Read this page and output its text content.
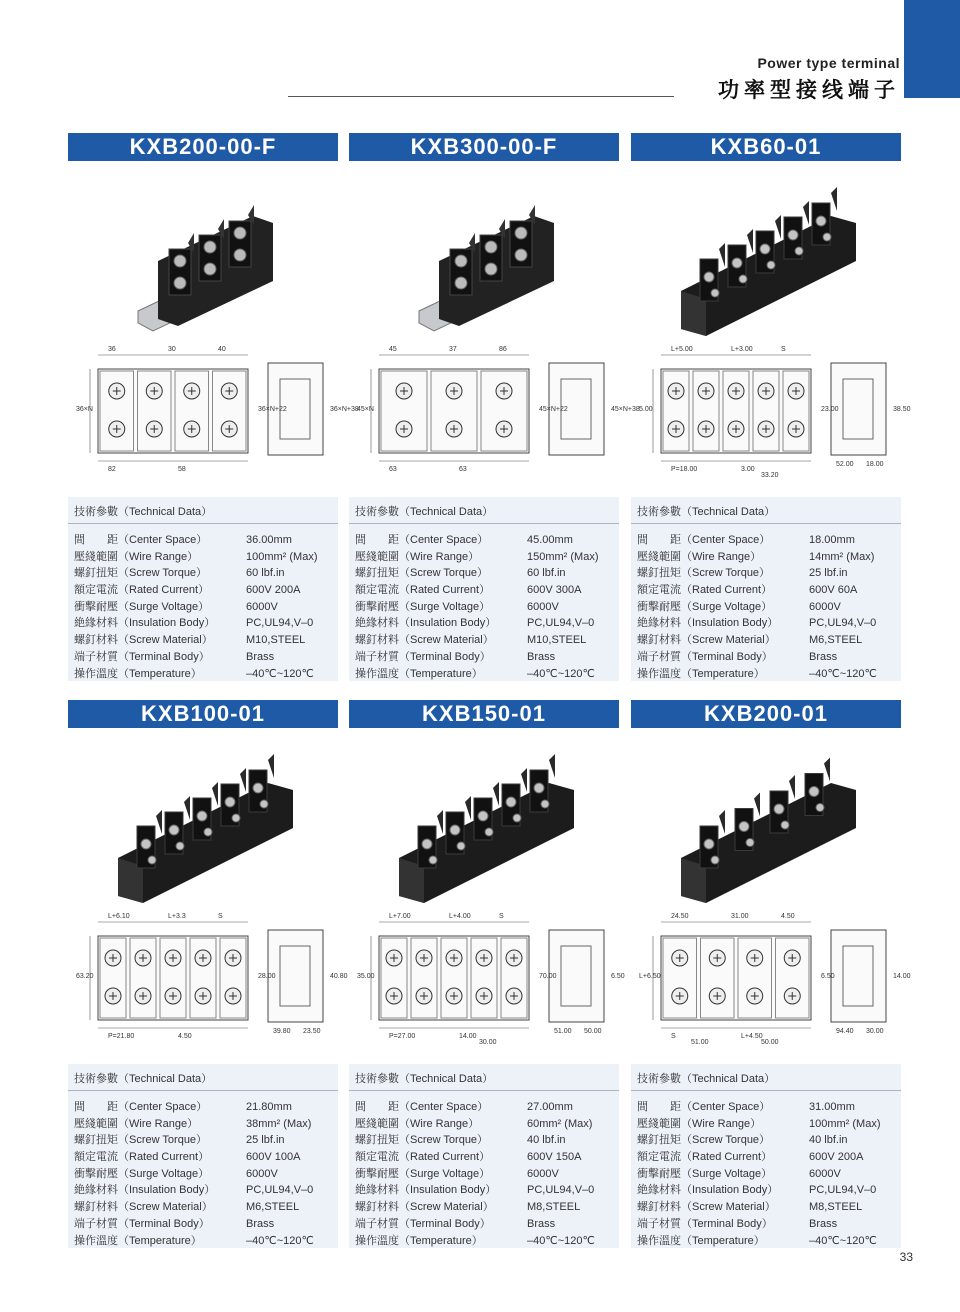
Power type terminal
功率型接线端子
KXB200-00-F
36	30	40
82	58
36×N	36×N+22	36×N+38
技術參數（Technical Data）
間　　距（Center Space）	36.00mm
壓綫範圍（Wire Range）	100mm² (Max)
螺釘扭矩（Screw Torque）	60 lbf.in
額定電流（Rated Current）	600V 200A
衝擊耐壓（Surge Voltage）	6000V
絶緣材料（Insulation Body）	PC,UL94,V–0
螺釘材料（Screw Material）	M10,STEEL
端子材質（Terminal Body）	Brass
操作溫度（Temperature）	–40℃~120℃
KXB300-00-F
45	37	86
63	63
45×N	45×N+22	45×N+38
技術參數（Technical Data）
間　　距（Center Space）	45.00mm
壓綫範圍（Wire Range）	150mm² (Max)
螺釘扭矩（Screw Torque）	60 lbf.in
額定電流（Rated Current）	600V 300A
衝擊耐壓（Surge Voltage）	6000V
絶緣材料（Insulation Body）	PC,UL94,V–0
螺釘材料（Screw Material）	M10,STEEL
端子材質（Terminal Body）	Brass
操作溫度（Temperature）	–40℃~120℃
KXB60-01
L+5.00	L+3.00	S
P=18.00	3.00
5.00	23.00	38.50
52.00 18.00
33.20
技術參數（Technical Data）
間　　距（Center Space）	18.00mm
壓綫範圍（Wire Range）	14mm² (Max)
螺釘扭矩（Screw Torque）	25 lbf.in
額定電流（Rated Current）	600V 60A
衝擊耐壓（Surge Voltage）	6000V
絶緣材料（Insulation Body）	PC,UL94,V–0
螺釘材料（Screw Material）	M6,STEEL
端子材質（Terminal Body）	Brass
操作溫度（Temperature）	–40℃~120℃
KXB100-01
L+6.10	L+3.3	S
P=21.80	4.50
63.20	28.00	40.80
39.80 23.50
技術參數（Technical Data）
間　　距（Center Space）	21.80mm
壓綫範圍（Wire Range）	38mm² (Max)
螺釘扭矩（Screw Torque）	25 lbf.in
額定電流（Rated Current）	600V 100A
衝擊耐壓（Surge Voltage）	6000V
絶緣材料（Insulation Body）	PC,UL94,V–0
螺釘材料（Screw Material）	M6,STEEL
端子材質（Terminal Body）	Brass
操作溫度（Temperature）	–40℃~120℃
KXB150-01
L+7.00	L+4.00	S
P=27.00	14.00
35.00	70.00	6.50
51.00 50.00
30.00
技術參數（Technical Data）
間　　距（Center Space）	27.00mm
壓綫範圍（Wire Range）	60mm² (Max)
螺釘扭矩（Screw Torque）	40 lbf.in
額定電流（Rated Current）	600V 150A
衝擊耐壓（Surge Voltage）	6000V
絶緣材料（Insulation Body）	PC,UL94,V–0
螺釘材料（Screw Material）	M8,STEEL
端子材質（Terminal Body）	Brass
操作溫度（Temperature）	–40℃~120℃
KXB200-01
24.50	31.00	4.50
S	L+4.50
L+6.50	6.50	14.00
94.40 30.00
50.00
51.00
技術參數（Technical Data）
間　　距（Center Space）	31.00mm
壓綫範圍（Wire Range）	100mm² (Max)
螺釘扭矩（Screw Torque）	40 lbf.in
額定電流（Rated Current）	600V 200A
衝擊耐壓（Surge Voltage）	6000V
絶緣材料（Insulation Body）	PC,UL94,V–0
螺釘材料（Screw Material）	M8,STEEL
端子材質（Terminal Body）	Brass
操作溫度（Temperature）	–40℃~120℃
33
